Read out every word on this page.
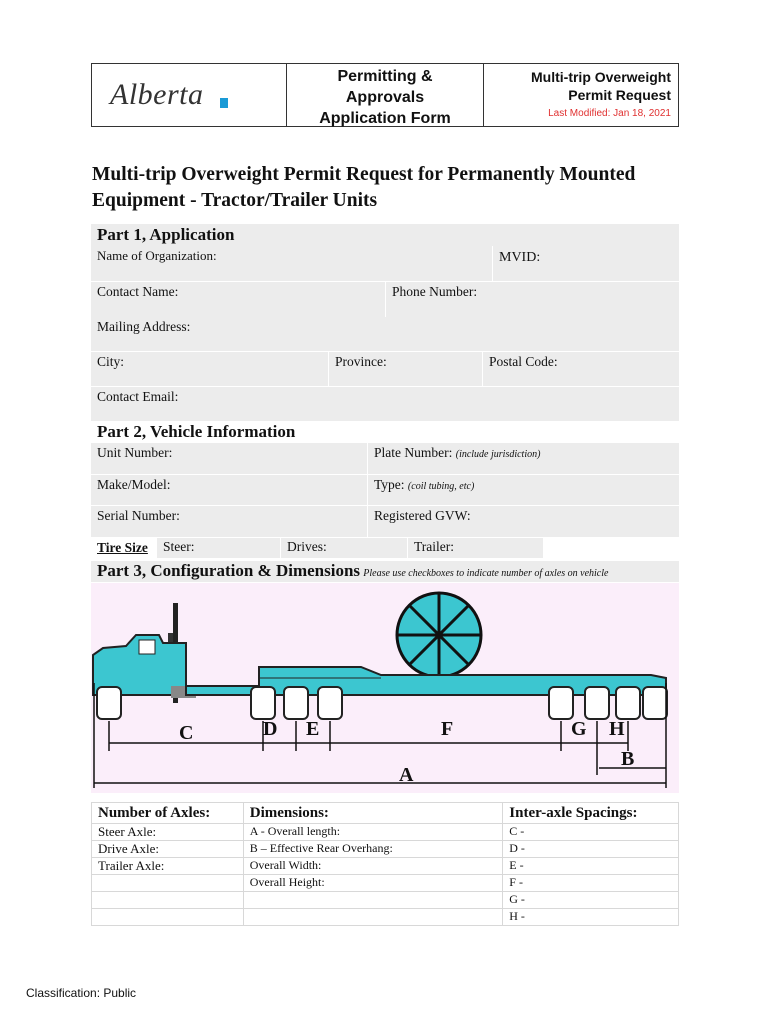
Alberta
Permitting &
Approvals
Application Form
Multi-trip Overweight
Permit Request
Last Modified: Jan 18, 2021
Multi-trip Overweight Permit Request for Permanently Mounted
Equipment - Tractor/Trailer Units
Part 1, Application
Name of Organization:	MVID:
Contact Name:	Phone Number:
Mailing Address:
City:	Province:	Postal Code:
Contact Email:
Part 2, Vehicle Information
Unit Number:	Plate Number: (include jurisdiction)
Make/Model:	Type: (coil tubing, etc)
Serial Number:	Registered GVW:
Tire Size	Steer:	Drives:	Trailer:
Part 3, Configuration & Dimensions Please use checkboxes to indicate number of axles on vehicle
C	D E	F	G H
B
A
Number of Axles:	Dimensions:	Inter-axle Spacings:
Steer Axle:	A - Overall length:	C -
Drive Axle:	B – Effective Rear Overhang:	D -
Trailer Axle:	Overall Width:	E -
	Overall Height:	F -
		G -
		H -
Classification: Public
